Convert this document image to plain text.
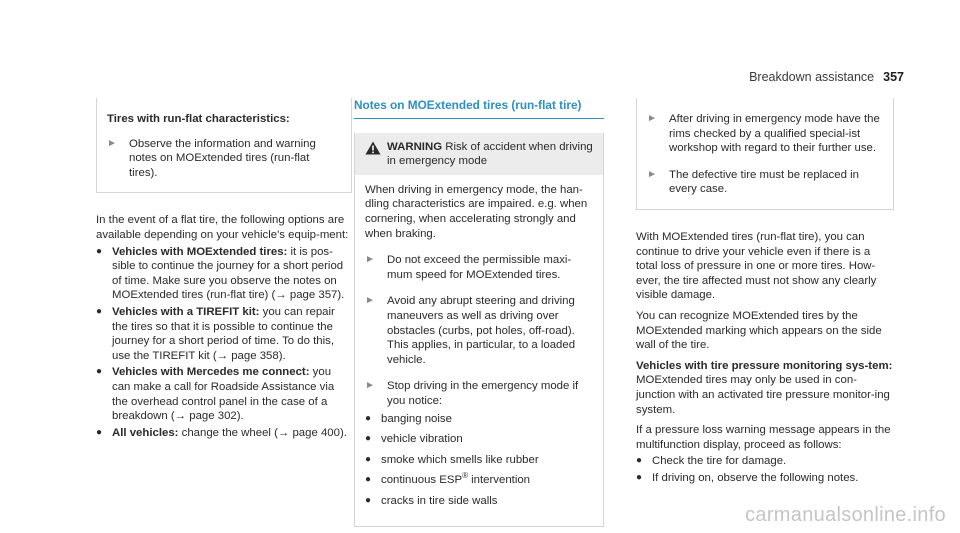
Breakdown assistance 357
Tires with run-flat characteristics:
►	Observe the information and warning notes on MOExtended tires (run-flat tires).
In the event of a flat tire, the following options are available depending on your vehicle's equip-ment:
● Vehicles with MOExtended tires: it is pos-sible to continue the journey for a short period of time. Make sure you observe the notes on MOExtended tires (run-flat tire) (→ page 357).
● Vehicles with a TIREFIT kit: you can repair the tires so that it is possible to continue the journey for a short period of time. To do this, use the TIREFIT kit (→ page 358).
● Vehicles with Mercedes me connect: you can make a call for Roadside Assistance via the overhead control panel in the case of a breakdown (→ page 302).
● All vehicles: change the wheel (→ page 400).
Notes on MOExtended tires (run-flat tire)
WARNING Risk of accident when driving in emergency mode
When driving in emergency mode, the han-dling characteristics are impaired. e.g. when cornering, when accelerating strongly and when braking.
►	Do not exceed the permissible maxi-mum speed for MOExtended tires.
►	Avoid any abrupt steering and driving maneuvers as well as driving over obstacles (curbs, pot holes, off-road). This applies, in particular, to a loaded vehicle.
►	Stop driving in the emergency mode if you notice:
● banging noise
● vehicle vibration
● smoke which smells like rubber
● continuous ESP® intervention
● cracks in tire side walls
►	After driving in emergency mode have the rims checked by a qualified special-ist workshop with regard to their further use.
►	The defective tire must be replaced in every case.
With MOExtended tires (run-flat tire), you can continue to drive your vehicle even if there is a total loss of pressure in one or more tires. How-ever, the tire affected must not show any clearly visible damage.
You can recognize MOExtended tires by the MOExtended marking which appears on the side wall of the tire.
Vehicles with tire pressure monitoring sys-tem: MOExtended tires may only be used in con-junction with an activated tire pressure monitor-ing system.
If a pressure loss warning message appears in the multifunction display, proceed as follows:
● Check the tire for damage.
● If driving on, observe the following notes.
carmanualsonline.info
